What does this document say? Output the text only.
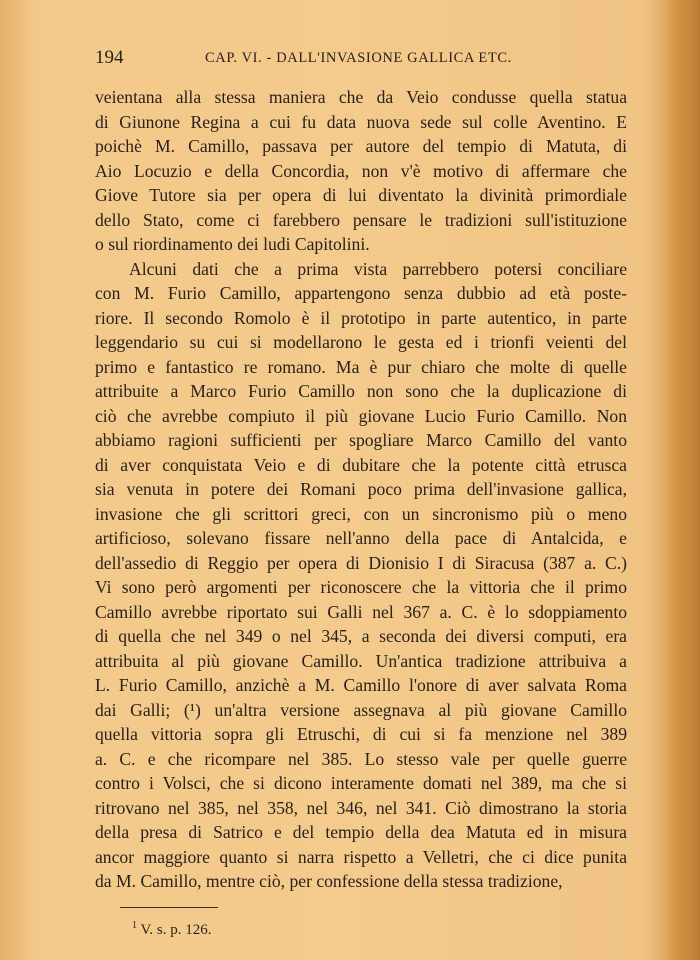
194	CAP. VI. - DALL'INVASIONE GALLICA ETC.
veientana alla stessa maniera che da Veio condusse quella statua
di Giunone Regina a cui fu data nuova sede sul colle Aventino. E
poichè M. Camillo, passava per autore del tempio di Matuta, di
Aio Locuzio e della Concordia, non v'è motivo di affermare che
Giove Tutore sia per opera di lui diventato la divinità primordiale
dello Stato, come ci farebbero pensare le tradizioni sull'istituzione
o sul riordinamento dei ludi Capitolini.
Alcuni dati che a prima vista parrebbero potersi conciliare
con M. Furio Camillo, appartengono senza dubbio ad età poste-
riore. Il secondo Romolo è il prototipo in parte autentico, in parte
leggendario su cui si modellarono le gesta ed i trionfi veienti del
primo e fantastico re romano. Ma è pur chiaro che molte di quelle
attribuite a Marco Furio Camillo non sono che la duplicazione di
ciò che avrebbe compiuto il più giovane Lucio Furio Camillo. Non
abbiamo ragioni sufficienti per spogliare Marco Camillo del vanto
di aver conquistata Veio e di dubitare che la potente città etrusca
sia venuta in potere dei Romani poco prima dell'invasione gallica,
invasione che gli scrittori greci, con un sincronismo più o meno
artificioso, solevano fissare nell'anno della pace di Antalcida, e
dell'assedio di Reggio per opera di Dionisio I di Siracusa (387 a. C.)
Vi sono però argomenti per riconoscere che la vittoria che il primo
Camillo avrebbe riportato sui Galli nel 367 a. C. è lo sdoppiamento
di quella che nel 349 o nel 345, a seconda dei diversi computi, era
attribuita al più giovane Camillo. Un'antica tradizione attribuiva a
L. Furio Camillo, anzichè a M. Camillo l'onore di aver salvata Roma
dai Galli; (¹) un'altra versione assegnava al più giovane Camillo
quella vittoria sopra gli Etruschi, di cui si fa menzione nel 389
a. C. e che ricompare nel 385. Lo stesso vale per quelle guerre
contro i Volsci, che si dicono interamente domati nel 389, ma che si
ritrovano nel 385, nel 358, nel 346, nel 341. Ciò dimostrano la storia
della presa di Satrico e del tempio della dea Matuta ed in misura
ancor maggiore quanto si narra rispetto a Velletri, che ci dice punita
da M. Camillo, mentre ciò, per confessione della stessa tradizione,
$^1$ V. s. p. 126.
